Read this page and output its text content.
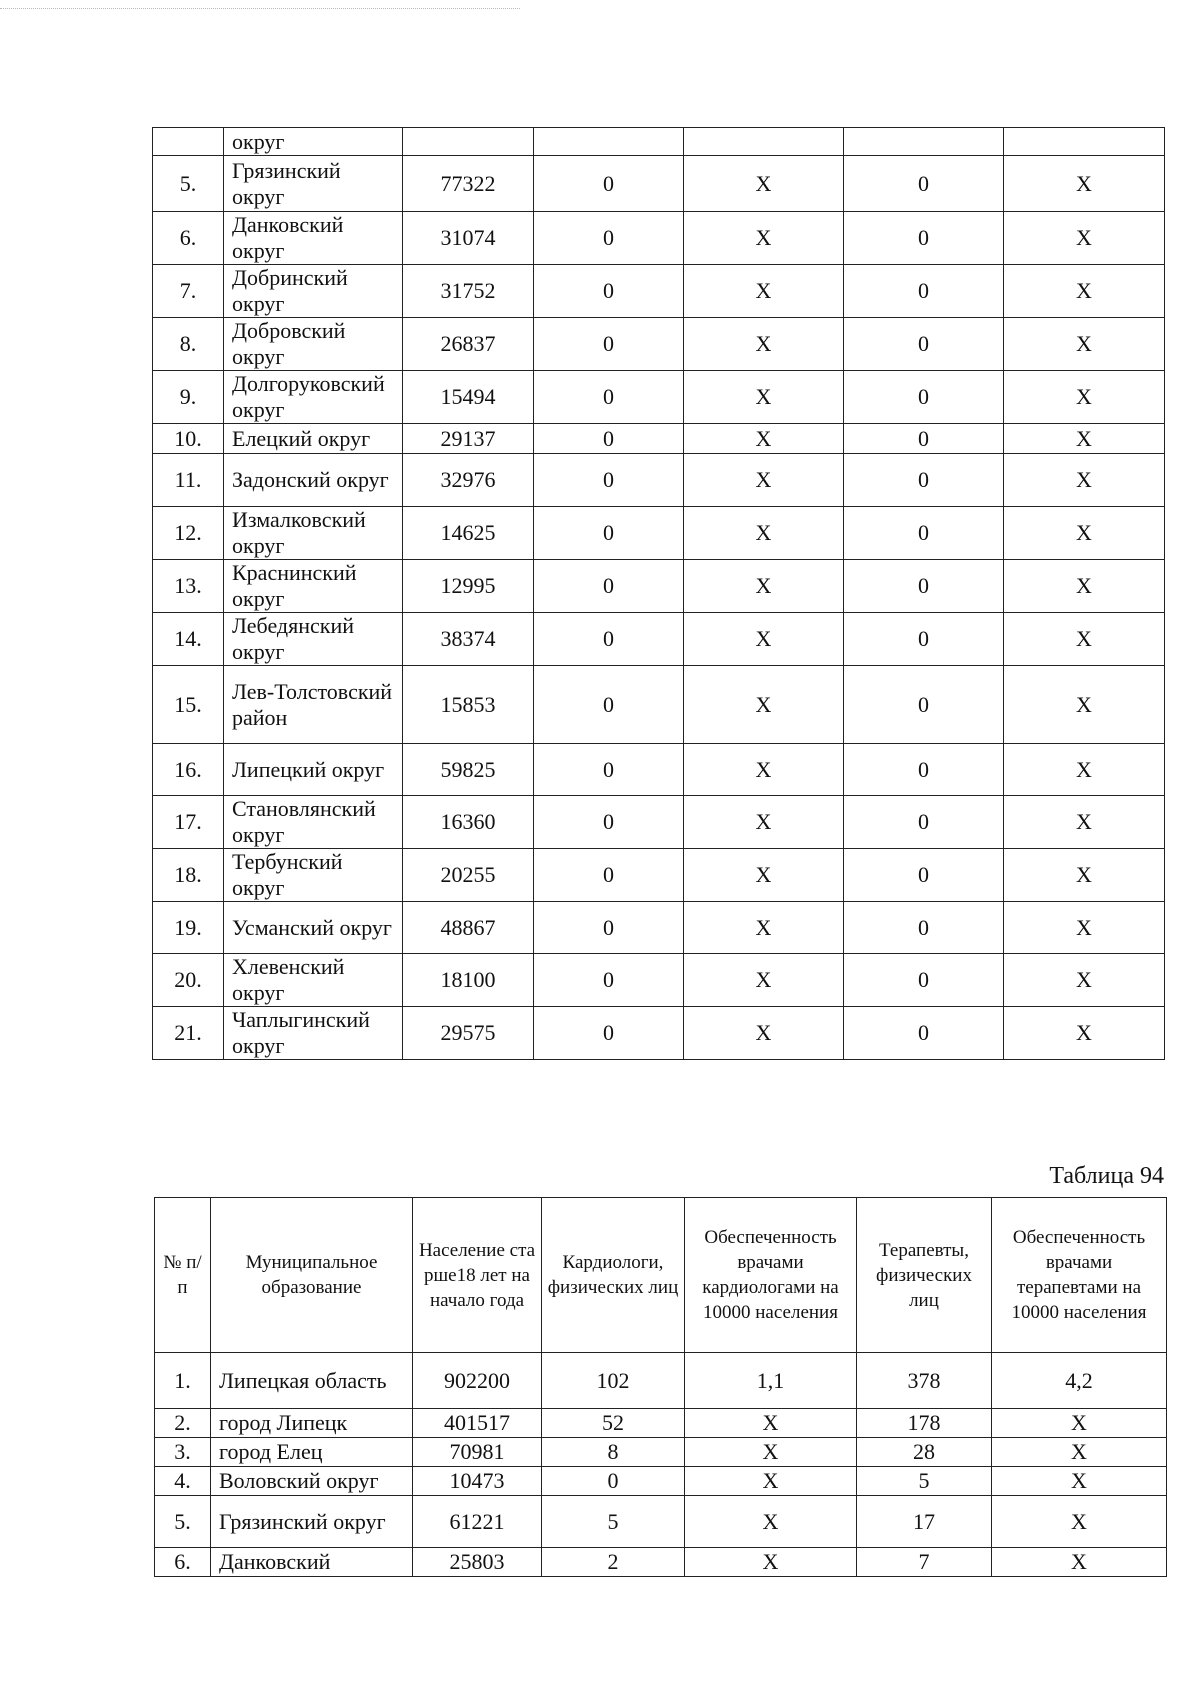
	округ					
5.	Грязинский округ	77322	0	X	0	X
6.	Данковский округ	31074	0	X	0	X
7.	Добринский округ	31752	0	X	0	X
8.	Добровский округ	26837	0	X	0	X
9.	Долгоруковский округ	15494	0	X	0	X
10.	Елецкий округ	29137	0	X	0	X
11.	Задонский округ	32976	0	X	0	X
12.	Измалковский округ	14625	0	X	0	X
13.	Краснинский округ	12995	0	X	0	X
14.	Лебедянский округ	38374	0	X	0	X
15.	Лев-Толстовский район	15853	0	X	0	X
16.	Липецкий округ	59825	0	X	0	X
17.	Становлянский округ	16360	0	X	0	X
18.	Тербунский округ	20255	0	X	0	X
19.	Усманский округ	48867	0	X	0	X
20.	Хлевенский округ	18100	0	X	0	X
21.	Чаплыгинский округ	29575	0	X	0	X
Таблица 94
№ п/п	Муниципальное образование	Население старше18 лет на начало года	Кардиологи, физических лиц	Обеспеченность врачами кардиологами на 10000 населения	Терапевты, физических лиц	Обеспеченность врачами терапевтами на 10000 населения
1.	Липецкая область	902200	102	1,1	378	4,2
2.	город Липецк	401517	52	X	178	X
3.	город Елец	70981	8	X	28	X
4.	Воловский округ	10473	0	X	5	X
5.	Грязинский округ	61221	5	X	17	X
6.	Данковский	25803	2	X	7	X
